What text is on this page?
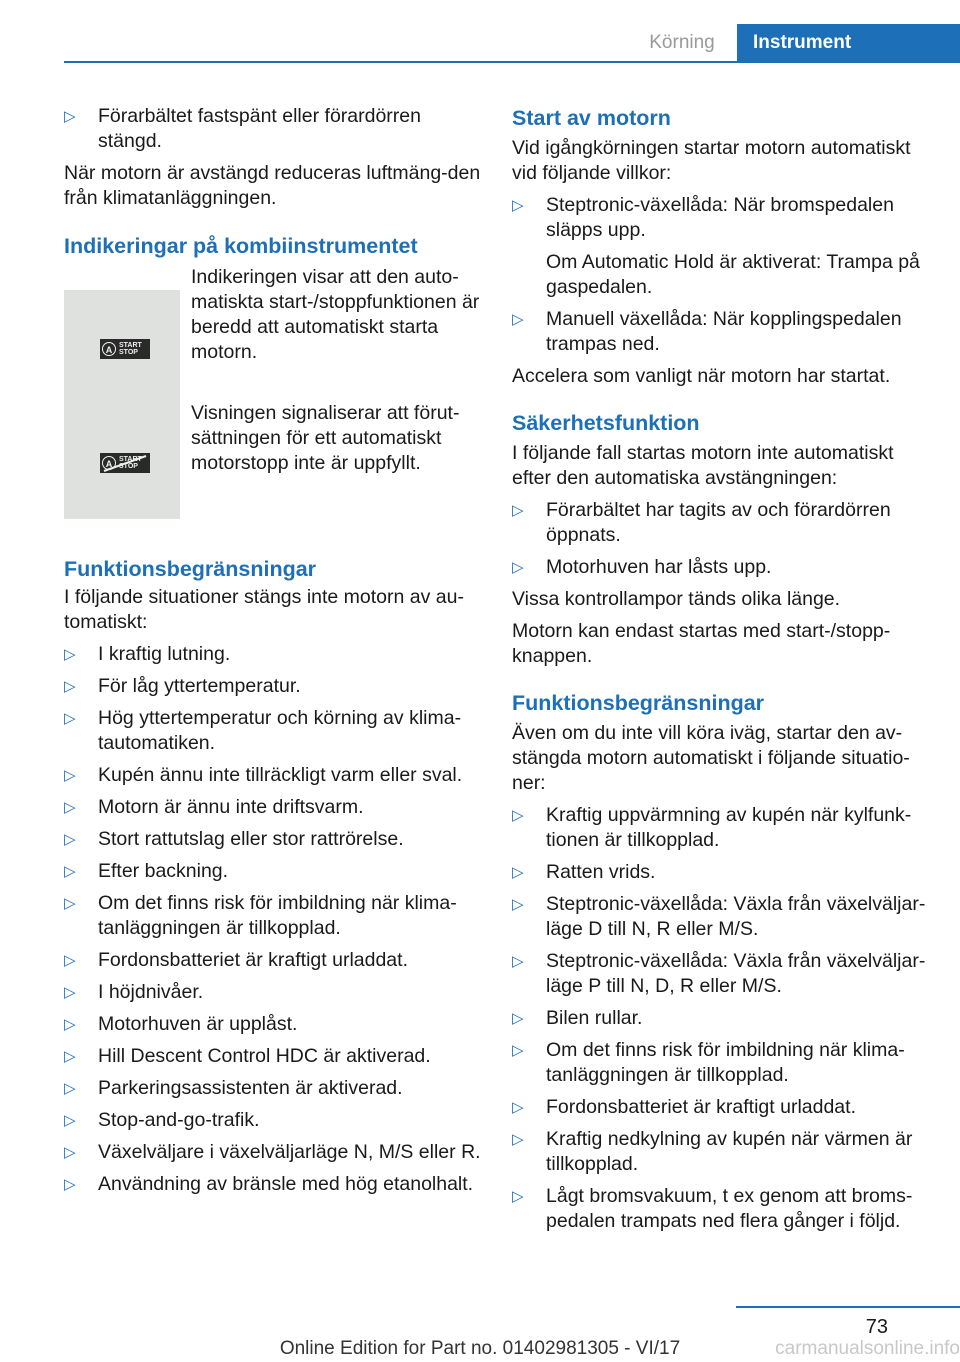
Körning	Instrument
▷ Förarbältet fastspänt eller förardörren stängd.

När motorn är avstängd reduceras luftmäng-den från klimatanläggningen.

Indikeringar på kombiinstrumentet
A START
STOP
Indikeringen visar att den auto-matiskta start-/stoppfunktionen är beredd att automatiskt starta motorn.
A START
STOP
Visningen signaliserar att förut-sättningen för ett automatiskt motorstopp inte är uppfyllt.
Funktionsbegränsningar

I följande situationer stängs inte motorn av au-tomatiskt:

▷ I kraftig lutning.
▷ För låg yttertemperatur.
▷ Hög yttertemperatur och körning av klima-tautomatiken.
▷ Kupén ännu inte tillräckligt varm eller sval.
▷ Motorn är ännu inte driftsvarm.
▷ Stort rattutslag eller stor rattrörelse.
▷ Efter backning.
▷ Om det finns risk för imbildning när klima-tanläggningen är tillkopplad.
▷ Fordonsbatteriet är kraftigt urladdat.
▷ I höjdnivåer.
▷ Motorhuven är upplåst.
▷ Hill Descent Control HDC är aktiverad.
▷ Parkeringsassistenten är aktiverad.
▷ Stop-and-go-trafik.
▷ Växelväljare i växelväljarläge N, M/S eller R.
▷ Användning av bränsle med hög etanolhalt.
Start av motorn

Vid igångkörningen startar motorn automatiskt vid följande villkor:

▷ Steptronic-växellåda: När bromspedalen släpps upp.
Om Automatic Hold är aktiverat: Trampa på gaspedalen.
▷ Manuell växellåda: När kopplingspedalen trampas ned.

Accelera som vanligt när motorn har startat.

Säkerhetsfunktion

I följande fall startas motorn inte automatiskt efter den automatiska avstängningen:

▷ Förarbältet har tagits av och förardörren öppnats.
▷ Motorhuven har låsts upp.

Vissa kontrollampor tänds olika länge.

Motorn kan endast startas med start-/stopp-knappen.

Funktionsbegränsningar

Även om du inte vill köra iväg, startar den av-stängda motorn automatiskt i följande situatio-ner:

▷ Kraftig uppvärmning av kupén när kylfunk-tionen är tillkopplad.
▷ Ratten vrids.
▷ Steptronic-växellåda: Växla från växelväljar-läge D till N, R eller M/S.
▷ Steptronic-växellåda: Växla från växelväljar-läge P till N, D, R eller M/S.
▷ Bilen rullar.
▷ Om det finns risk för imbildning när klima-tanläggningen är tillkopplad.
▷ Fordonsbatteriet är kraftigt urladdat.
▷ Kraftig nedkylning av kupén när värmen är tillkopplad.
▷ Lågt bromsvakuum, t ex genom att broms-pedalen trampats ned flera gånger i följd.
73
Online Edition for Part no. 01402981305 - VI/17	carmanualsonline.info
